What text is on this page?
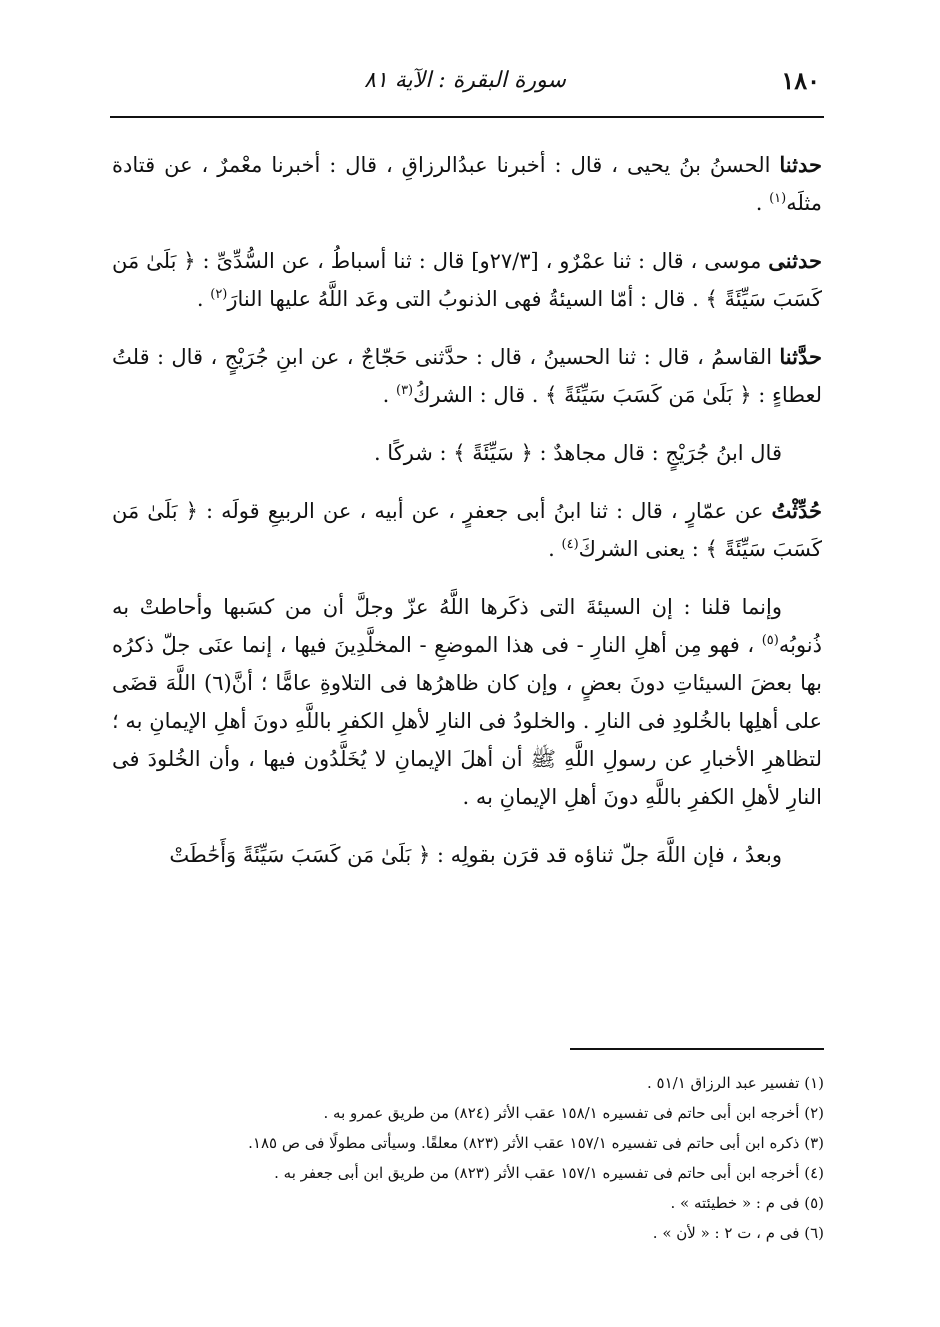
١٨٠
سورة البقرة : الآية ٨١

حدثنا الحسنُ بنُ يحيى ، قال : أخبرنا عبدُالرزاقِ ، قال : أخبرنا معْمرٌ ، عن قتادة مثلَه$^{(١)}$ .

حدثنى موسى ، قال : ثنا عمْرٌو ، [٢٧/٣و] قال : ثنا أسباطُ ، عن السُّدِّىِّ : ﴿ بَلَىٰ مَن كَسَبَ سَيِّئَةً ﴾ . قال : أمّا السيئةُ فهى الذنوبُ التى وعَد اللَّهُ عليها النارَ$^{(٢)}$ .

حدَّثنا القاسمُ ، قال : ثنا الحسينُ ، قال : حدَّثنى حَجّاجٌ ، عن ابنِ جُرَيْجٍ ، قال : قلتُ لعطاءٍ : ﴿ بَلَىٰ مَن كَسَبَ سَيِّئَةً ﴾ . قال : الشركُ$^{(٣)}$ .

قال ابنُ جُرَيْجٍ : قال مجاهدٌ : ﴿ سَيِّئَةً ﴾ : شركًا .

حُدِّثْتُ عن عمّارٍ ، قال : ثنا ابنُ أبى جعفرٍ ، عن أبيه ، عن الربيعِ قولَه : ﴿ بَلَىٰ مَن كَسَبَ سَيِّئَةً ﴾ : يعنى الشركَ$^{(٤)}$ .

وإنما قلنا : إن السيئةَ التى ذكَرها اللَّهُ عزّ وجلَّ أن من كسَبها وأحاطتْ به ذُنوبُه$^{(٥)}$ ، فهو مِن أهلِ النارِ - فى هذا الموضعِ - المخلَّدِينَ فيها ، إنما عنَى جلّ ذكرُه بها بعضَ السيئاتِ دونَ بعضٍ ، وإن كان ظاهرُها فى التلاوةِ عامًّا ؛ أنَّ(٦) اللَّهَ قضَى على أهلِها بالخُلودِ فى النارِ . والخلودُ فى النارِ لأهلِ الكفرِ باللَّهِ دونَ أهلِ الإيمانِ به ؛ لتظاهرِ الأخبارِ عن رسولِ اللَّهِ ﷺ أن أهلَ الإيمانِ لا يُخَلَّدُون فيها ، وأن الخُلودَ فى النارِ لأهلِ الكفرِ باللَّهِ دونَ أهلِ الإيمانِ به .

وبعدُ ، فإن اللَّهَ جلّ ثناؤه قد قرَن بقولِه : ﴿ بَلَىٰ مَن كَسَبَ سَيِّئَةً وَأَحَٰطَتْ

(١) تفسير عبد الرزاق ٥١/١ .

(٢) أخرجه ابن أبى حاتم فى تفسيره ١٥٨/١ عقب الأثر (٨٢٤) من طريق عمرو به .

(٣) ذكره ابن أبى حاتم فى تفسيره ١٥٧/١ عقب الأثر (٨٢٣) معلقًا. وسيأتى مطولًا فى ص ١٨٥.

(٤) أخرجه ابن أبى حاتم فى تفسيره ١٥٧/١ عقب الأثر (٨٢٣) من طريق ابن أبى جعفر به .

(٥) فى م : « خطيئته » .

(٦) فى م ، ت ٢ : « لأن » .
